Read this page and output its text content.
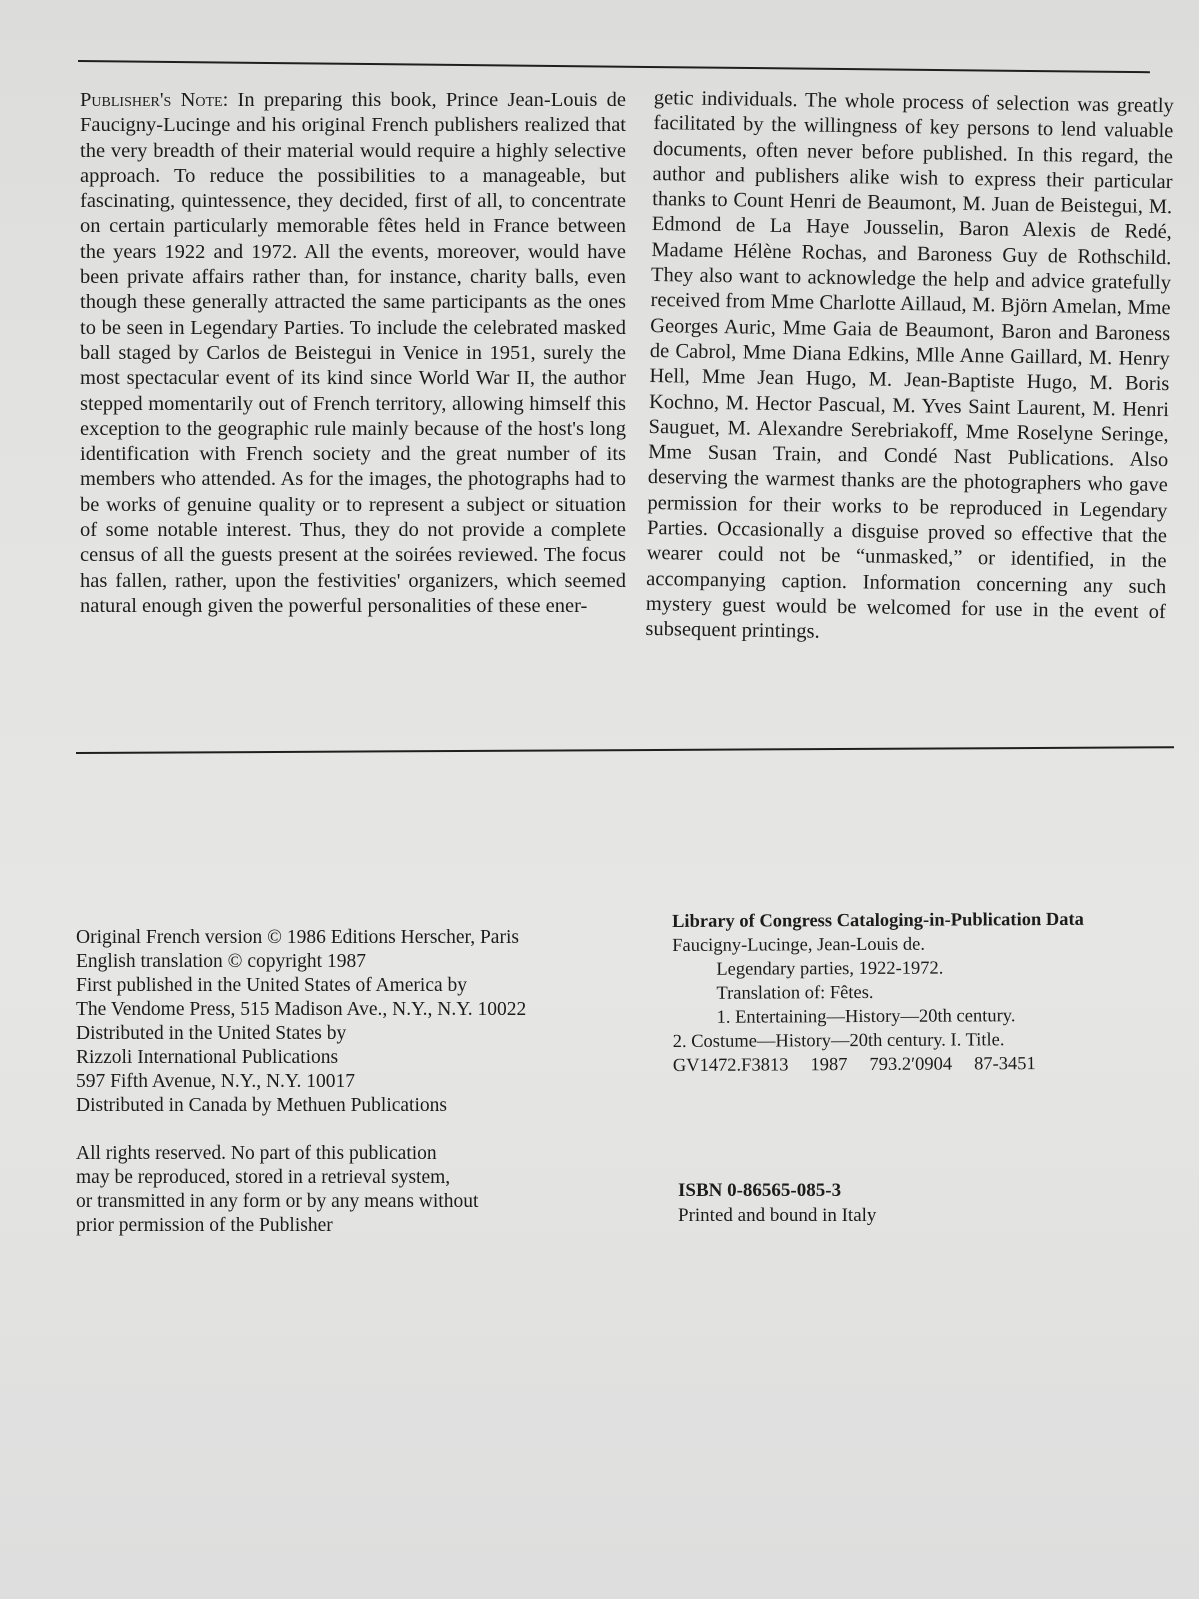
Publisher's Note: In preparing this book, Prince Jean-Louis de Faucigny-Lucinge and his original French publishers realized that the very breadth of their material would require a highly selective approach. To reduce the possibilities to a manageable, but fascinating, quintessence, they decided, first of all, to concentrate on certain particularly memorable fêtes held in France between the years 1922 and 1972. All the events, moreover, would have been private affairs rather than, for instance, charity balls, even though these generally attracted the same participants as the ones to be seen in Legendary Parties. To include the celebrated masked ball staged by Carlos de Beistegui in Venice in 1951, surely the most spectacular event of its kind since World War II, the author stepped momentarily out of French territory, allowing himself this exception to the geographic rule mainly because of the host's long identification with French society and the great number of its members who attended. As for the images, the photographs had to be works of genuine quality or to represent a subject or situation of some notable interest. Thus, they do not provide a complete census of all the guests present at the soirées reviewed. The focus has fallen, rather, upon the festivities' organizers, which seemed natural enough given the powerful personalities of these ener-

getic individuals. The whole process of selection was greatly facilitated by the willingness of key persons to lend valuable documents, often never before published. In this regard, the author and publishers alike wish to express their particular thanks to Count Henri de Beaumont, M. Juan de Beistegui, M. Edmond de La Haye Jousselin, Baron Alexis de Redé, Madame Hélène Rochas, and Baroness Guy de Rothschild. They also want to acknowledge the help and advice gratefully received from Mme Charlotte Aillaud, M. Björn Amelan, Mme Georges Auric, Mme Gaia de Beaumont, Baron and Baroness de Cabrol, Mme Diana Edkins, Mlle Anne Gaillard, M. Henry Hell, Mme Jean Hugo, M. Jean-Baptiste Hugo, M. Boris Kochno, M. Hector Pascual, M. Yves Saint Laurent, M. Henri Sauguet, M. Alexandre Serebriakoff, Mme Roselyne Seringe, Mme Susan Train, and Condé Nast Publications. Also deserving the warmest thanks are the photographers who gave permission for their works to be reproduced in Legendary Parties. Occasionally a disguise proved so effective that the wearer could not be “unmasked,” or identified, in the accompanying caption. Information concerning any such mystery guest would be welcomed for use in the event of subsequent printings.

Original French version © 1986 Editions Herscher, Paris
English translation © copyright 1987
First published in the United States of America by
The Vendome Press, 515 Madison Ave., N.Y., N.Y. 10022
Distributed in the United States by
Rizzoli International Publications
597 Fifth Avenue, N.Y., N.Y. 10017
Distributed in Canada by Methuen Publications
All rights reserved. No part of this publication
may be reproduced, stored in a retrieval system,
or transmitted in any form or by any means without
prior permission of the Publisher
Library of Congress Cataloging-in-Publication Data
Faucigny-Lucinge, Jean-Louis de.
Legendary parties, 1922-1972.
Translation of: Fêtes.
1. Entertaining—History—20th century.
2. Costume—History—20th century. I. Title.
GV1472.F3813 1987 793.2′0904 87-3451
ISBN 0-86565-085-3
Printed and bound in Italy
